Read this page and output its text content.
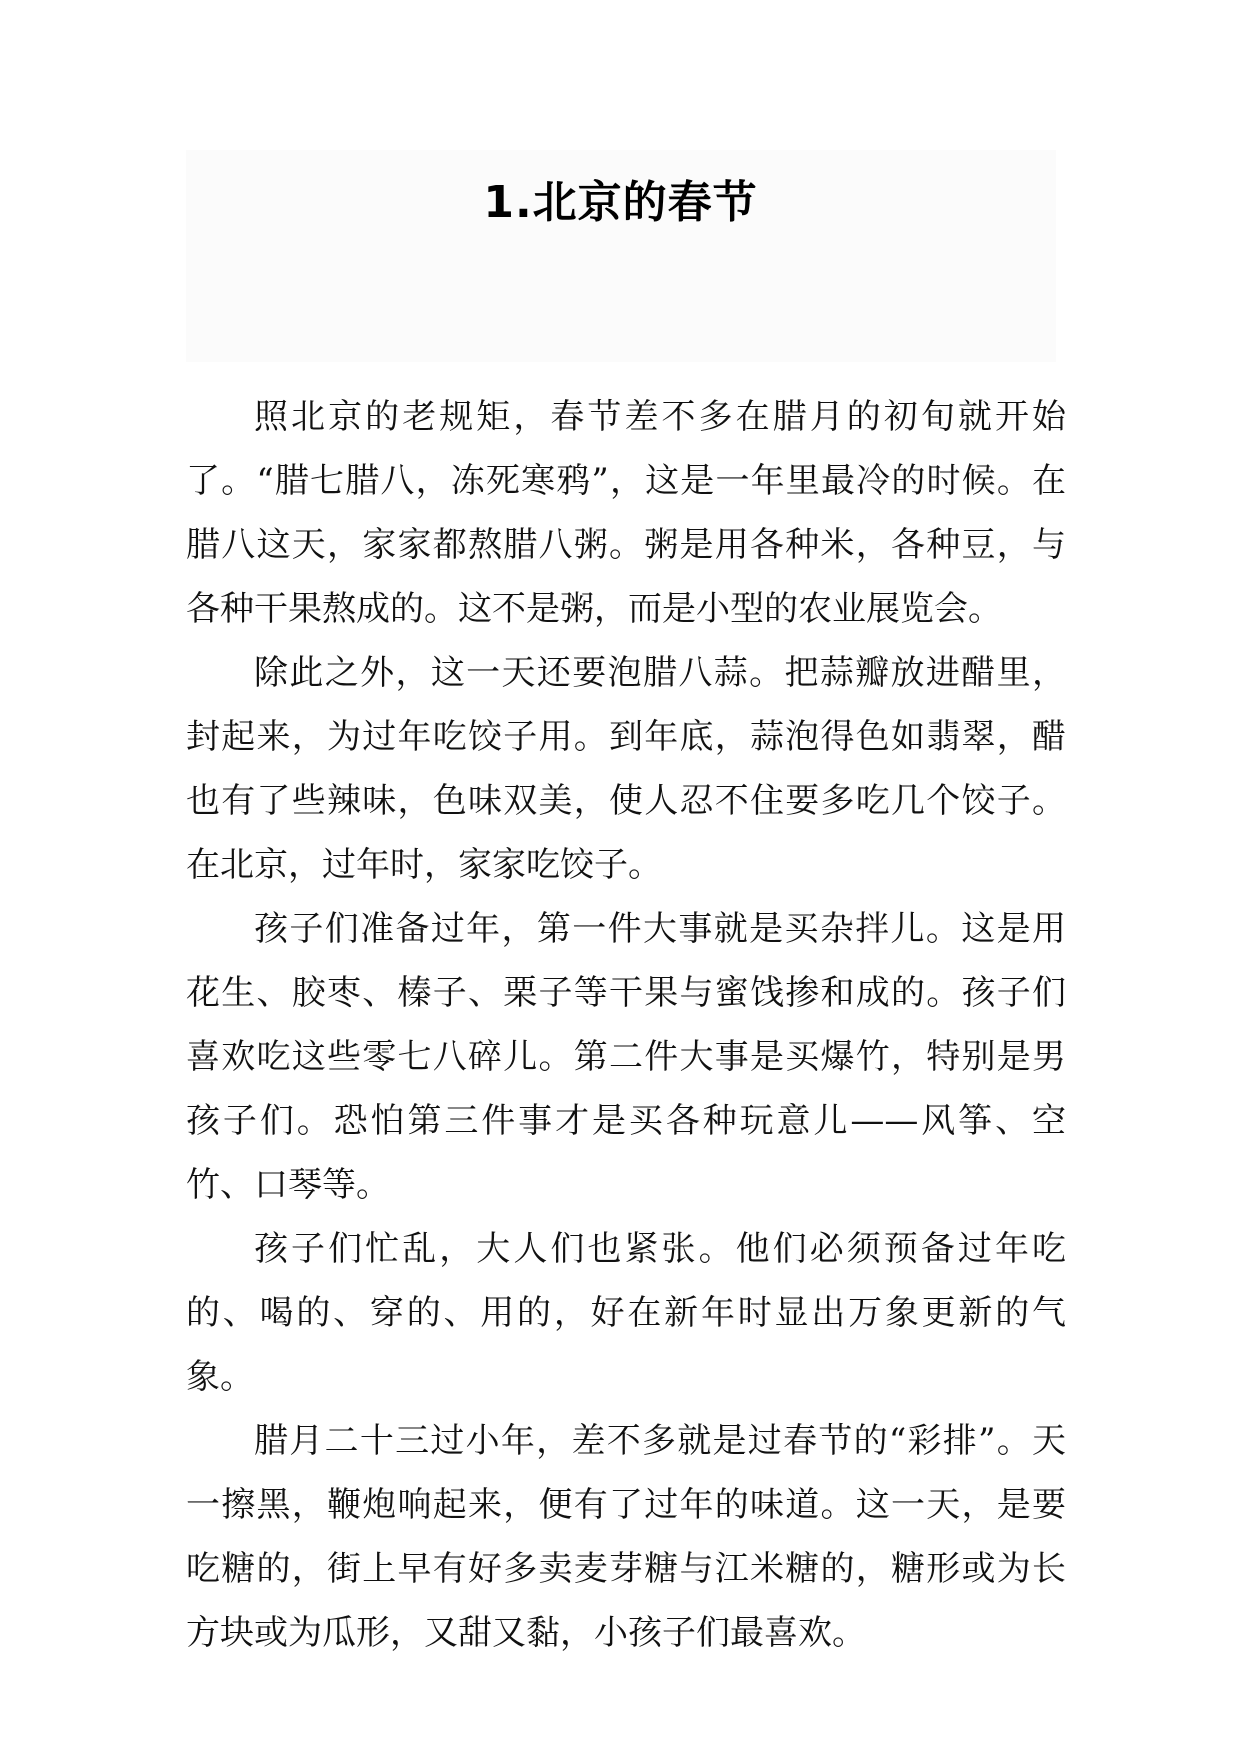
1.北京的春节

照北京的老规矩，春节差不多在腊月的初旬就开始了。“腊七腊八，冻死寒鸦”，这是一年里最冷的时候。在腊八这天，家家都熬腊八粥。粥是用各种米，各种豆，与各种干果熬成的。这不是粥，而是小型的农业展览会。

除此之外，这一天还要泡腊八蒜。把蒜瓣放进醋里，封起来，为过年吃饺子用。到年底，蒜泡得色如翡翠，醋也有了些辣味，色味双美，使人忍不住要多吃几个饺子。在北京，过年时，家家吃饺子。

孩子们准备过年，第一件大事就是买杂拌儿。这是用花生、胶枣、榛子、栗子等干果与蜜饯掺和成的。孩子们喜欢吃这些零七八碎儿。第二件大事是买爆竹，特别是男孩子们。恐怕第三件事才是买各种玩意儿——风筝、空竹、口琴等。

孩子们忙乱，大人们也紧张。他们必须预备过年吃的、喝的、穿的、用的，好在新年时显出万象更新的气象。

腊月二十三过小年，差不多就是过春节的“彩排”。天一擦黑，鞭炮响起来，便有了过年的味道。这一天，是要吃糖的，街上早有好多卖麦芽糖与江米糖的，糖形或为长方块或为瓜形，又甜又黏，小孩子们最喜欢。
